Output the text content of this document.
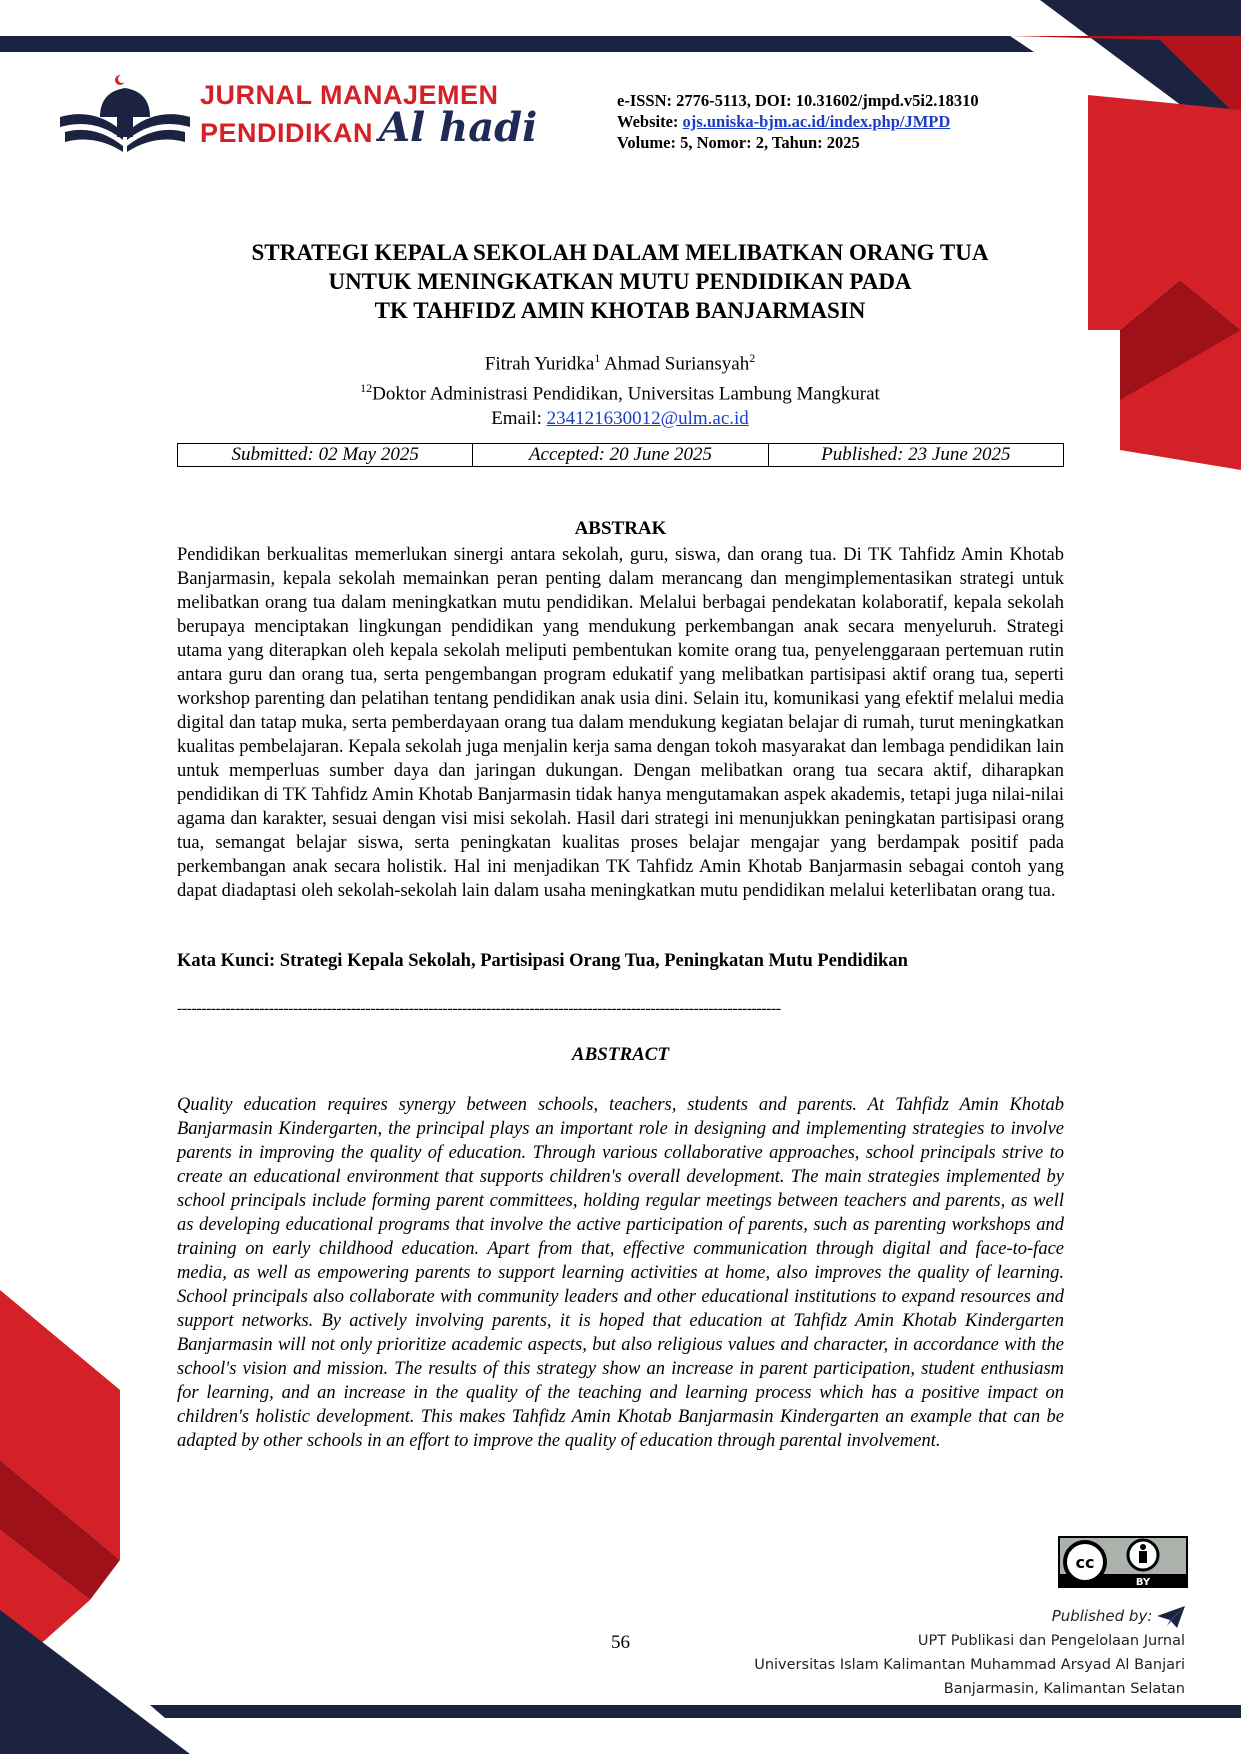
JURNAL MANAJEMEN
PENDIDIKAN Al hadi
e-ISSN: 2776-5113, DOI: 10.31602/jmpd.v5i2.18310
Website: ojs.uniska-bjm.ac.id/index.php/JMPD
Volume: 5, Nomor: 2, Tahun: 2025
STRATEGI KEPALA SEKOLAH DALAM MELIBATKAN ORANG TUA
UNTUK MENINGKATKAN MUTU PENDIDIKAN PADA
TK TAHFIDZ AMIN KHOTAB BANJARMASIN
Fitrah Yuridka$^1$ Ahmad Suriansyah$^2$
$^{12}$Doktor Administrasi Pendidikan, Universitas Lambung Mangkurat
Email: 234121630012@ulm.ac.id
Submitted: 02 May 2025	Accepted: 20 June 2025	Published: 23 June 2025
ABSTRAK
Pendidikan berkualitas memerlukan sinergi antara sekolah, guru, siswa, dan orang tua. Di TK Tahfidz Amin Khotab Banjarmasin, kepala sekolah memainkan peran penting dalam merancang dan mengimplementasikan strategi untuk melibatkan orang tua dalam meningkatkan mutu pendidikan. Melalui berbagai pendekatan kolaboratif, kepala sekolah berupaya menciptakan lingkungan pendidikan yang mendukung perkembangan anak secara menyeluruh. Strategi utama yang diterapkan oleh kepala sekolah meliputi pembentukan komite orang tua, penyelenggaraan pertemuan rutin antara guru dan orang tua, serta pengembangan program edukatif yang melibatkan partisipasi aktif orang tua, seperti workshop parenting dan pelatihan tentang pendidikan anak usia dini. Selain itu, komunikasi yang efektif melalui media digital dan tatap muka, serta pemberdayaan orang tua dalam mendukung kegiatan belajar di rumah, turut meningkatkan kualitas pembelajaran. Kepala sekolah juga menjalin kerja sama dengan tokoh masyarakat dan lembaga pendidikan lain untuk memperluas sumber daya dan jaringan dukungan. Dengan melibatkan orang tua secara aktif, diharapkan pendidikan di TK Tahfidz Amin Khotab Banjarmasin tidak hanya mengutamakan aspek akademis, tetapi juga nilai-nilai agama dan karakter, sesuai dengan visi misi sekolah. Hasil dari strategi ini menunjukkan peningkatan partisipasi orang tua, semangat belajar siswa, serta peningkatan kualitas proses belajar mengajar yang berdampak positif pada perkembangan anak secara holistik. Hal ini menjadikan TK Tahfidz Amin Khotab Banjarmasin sebagai contoh yang dapat diadaptasi oleh sekolah-sekolah lain dalam usaha meningkatkan mutu pendidikan melalui keterlibatan orang tua.
Kata Kunci: Strategi Kepala Sekolah, Partisipasi Orang Tua, Peningkatan Mutu Pendidikan
-----------------------------------------------------------------------------------------------------------------------------
ABSTRACT
Quality education requires synergy between schools, teachers, students and parents. At Tahfidz Amin Khotab Banjarmasin Kindergarten, the principal plays an important role in designing and implementing strategies to involve parents in improving the quality of education. Through various collaborative approaches, school principals strive to create an educational environment that supports children's overall development. The main strategies implemented by school principals include forming parent committees, holding regular meetings between teachers and parents, as well as developing educational programs that involve the active participation of parents, such as parenting workshops and training on early childhood education. Apart from that, effective communication through digital and face-to-face media, as well as empowering parents to support learning activities at home, also improves the quality of learning. School principals also collaborate with community leaders and other educational institutions to expand resources and support networks. By actively involving parents, it is hoped that education at Tahfidz Amin Khotab Kindergarten Banjarmasin will not only prioritize academic aspects, but also religious values and character, in accordance with the school's vision and mission. The results of this strategy show an increase in parent participation, student enthusiasm for learning, and an increase in the quality of the teaching and learning process which has a positive impact on children's holistic development. This makes Tahfidz Amin Khotab Banjarmasin Kindergarten an example that can be adapted by other schools in an effort to improve the quality of education through parental involvement.
cc
BY
56
Published by:
UPT Publikasi dan Pengelolaan Jurnal
Universitas Islam Kalimantan Muhammad Arsyad Al Banjari
Banjarmasin, Kalimantan Selatan
